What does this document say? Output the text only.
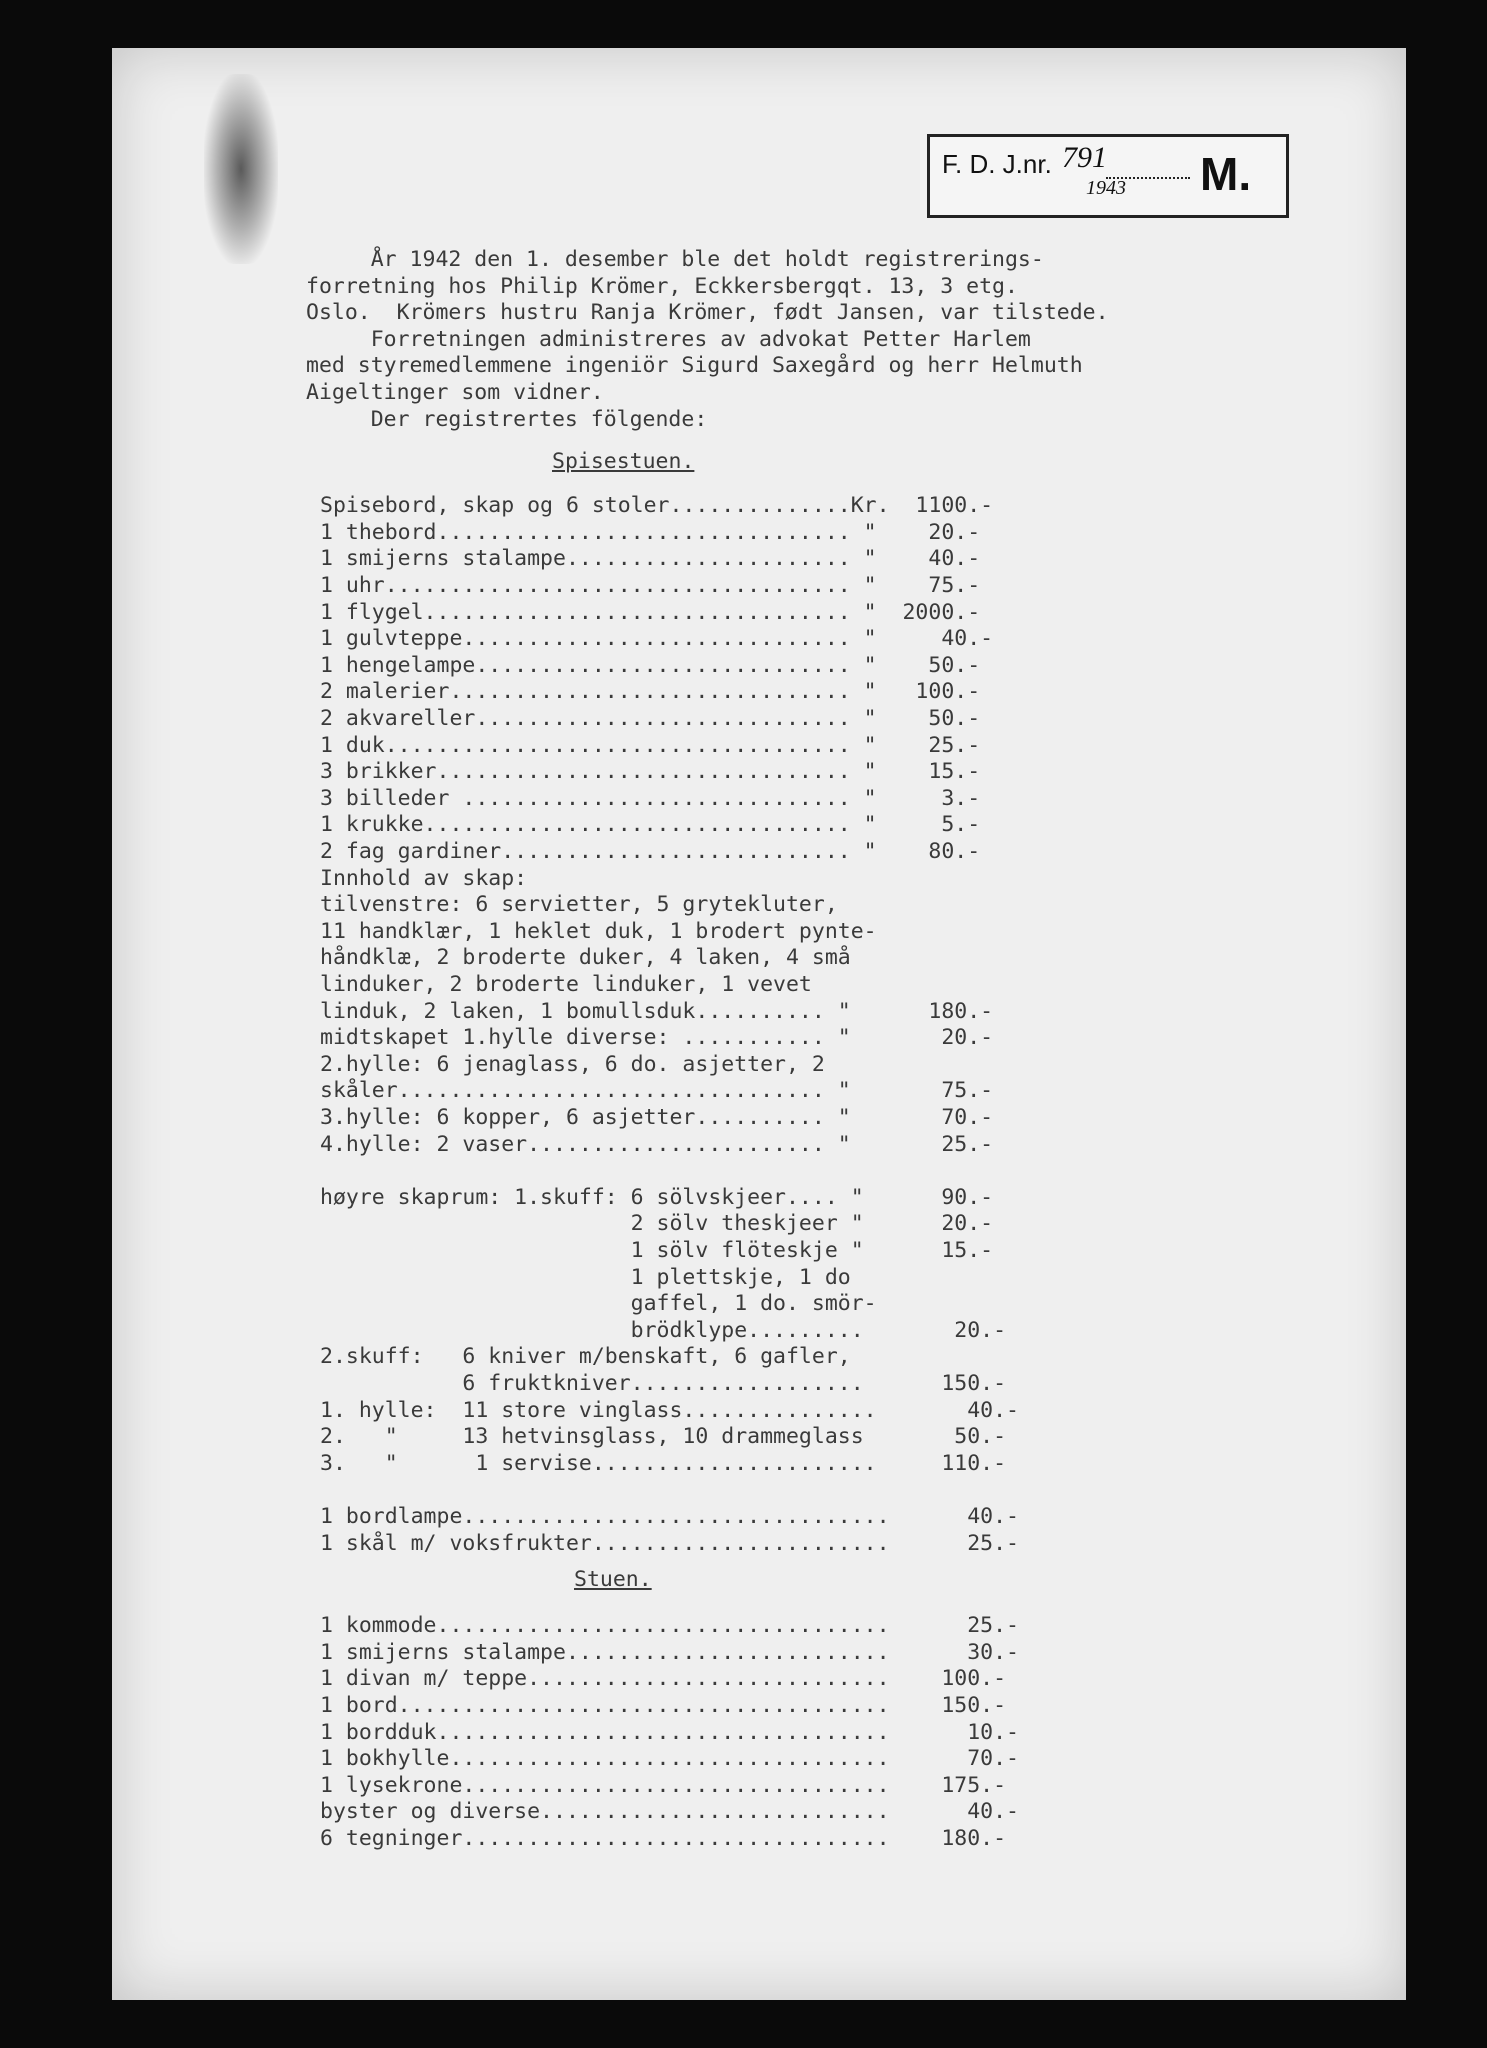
F. D. J.nr. 791
1943 M.
År 1942 den 1. desember ble det holdt registrerings-
forretning hos Philip Krömer, Eckkersbergqt. 13, 3 etg.
Oslo.  Krömers hustru Ranja Krömer, født Jansen, var tilstede.
Forretningen administreres av advokat Petter Harlem
med styremedlemmene ingeniör Sigurd Saxegård og herr Helmuth
Aigeltinger som vidner.
Der registrertes fölgende:
Spisestuen.
Spisebord, skap og 6 stoler..............Kr.  1100.-
1 thebord................................ "    20.-
1 smijerns stalampe...................... "    40.-
1 uhr.................................... "    75.-
1 flygel................................. "  2000.-
1 gulvteppe.............................. "     40.-
1 hengelampe............................. "    50.-
2 malerier............................... "   100.-
2 akvareller............................. "    50.-
1 duk.................................... "    25.-
3 brikker................................ "    15.-
3 billeder .............................. "     3.-
1 krukke................................. "     5.-
2 fag gardiner........................... "    80.-
Innhold av skap:
tilvenstre: 6 servietter, 5 grytekluter,
11 handklær, 1 heklet duk, 1 brodert pynte-
håndklæ, 2 broderte duker, 4 laken, 4 små
linduker, 2 broderte linduker, 1 vevet
linduk, 2 laken, 1 bomullsduk.......... "      180.-
midtskapet 1.hylle diverse: ........... "       20.-
2.hylle: 6 jenaglass, 6 do. asjetter, 2
skåler................................. "       75.-
3.hylle: 6 kopper, 6 asjetter.......... "       70.-
4.hylle: 2 vaser....................... "       25.-
høyre skaprum: 1.skuff: 6 sölvskjeer.... "      90.-
2 sölv theskjeer "      20.-
1 sölv flöteskje "      15.-
1 plettskje, 1 do
gaffel, 1 do. smör-
brödklype.........       20.-
2.skuff:   6 kniver m/benskaft, 6 gafler,
6 fruktkniver..................      150.-
1. hylle:  11 store vinglass...............       40.-
2.   "     13 hetvinsglass, 10 drammeglass       50.-
3.   "      1 servise......................     110.-
1 bordlampe.................................      40.-
1 skål m/ voksfrukter.......................      25.-
Stuen.
1 kommode...................................      25.-
1 smijerns stalampe.........................      30.-
1 divan m/ teppe............................    100.-
1 bord......................................    150.-
1 bordduk...................................      10.-
1 bokhylle..................................      70.-
1 lysekrone.................................    175.-
byster og diverse...........................      40.-
6 tegninger.................................    180.-
